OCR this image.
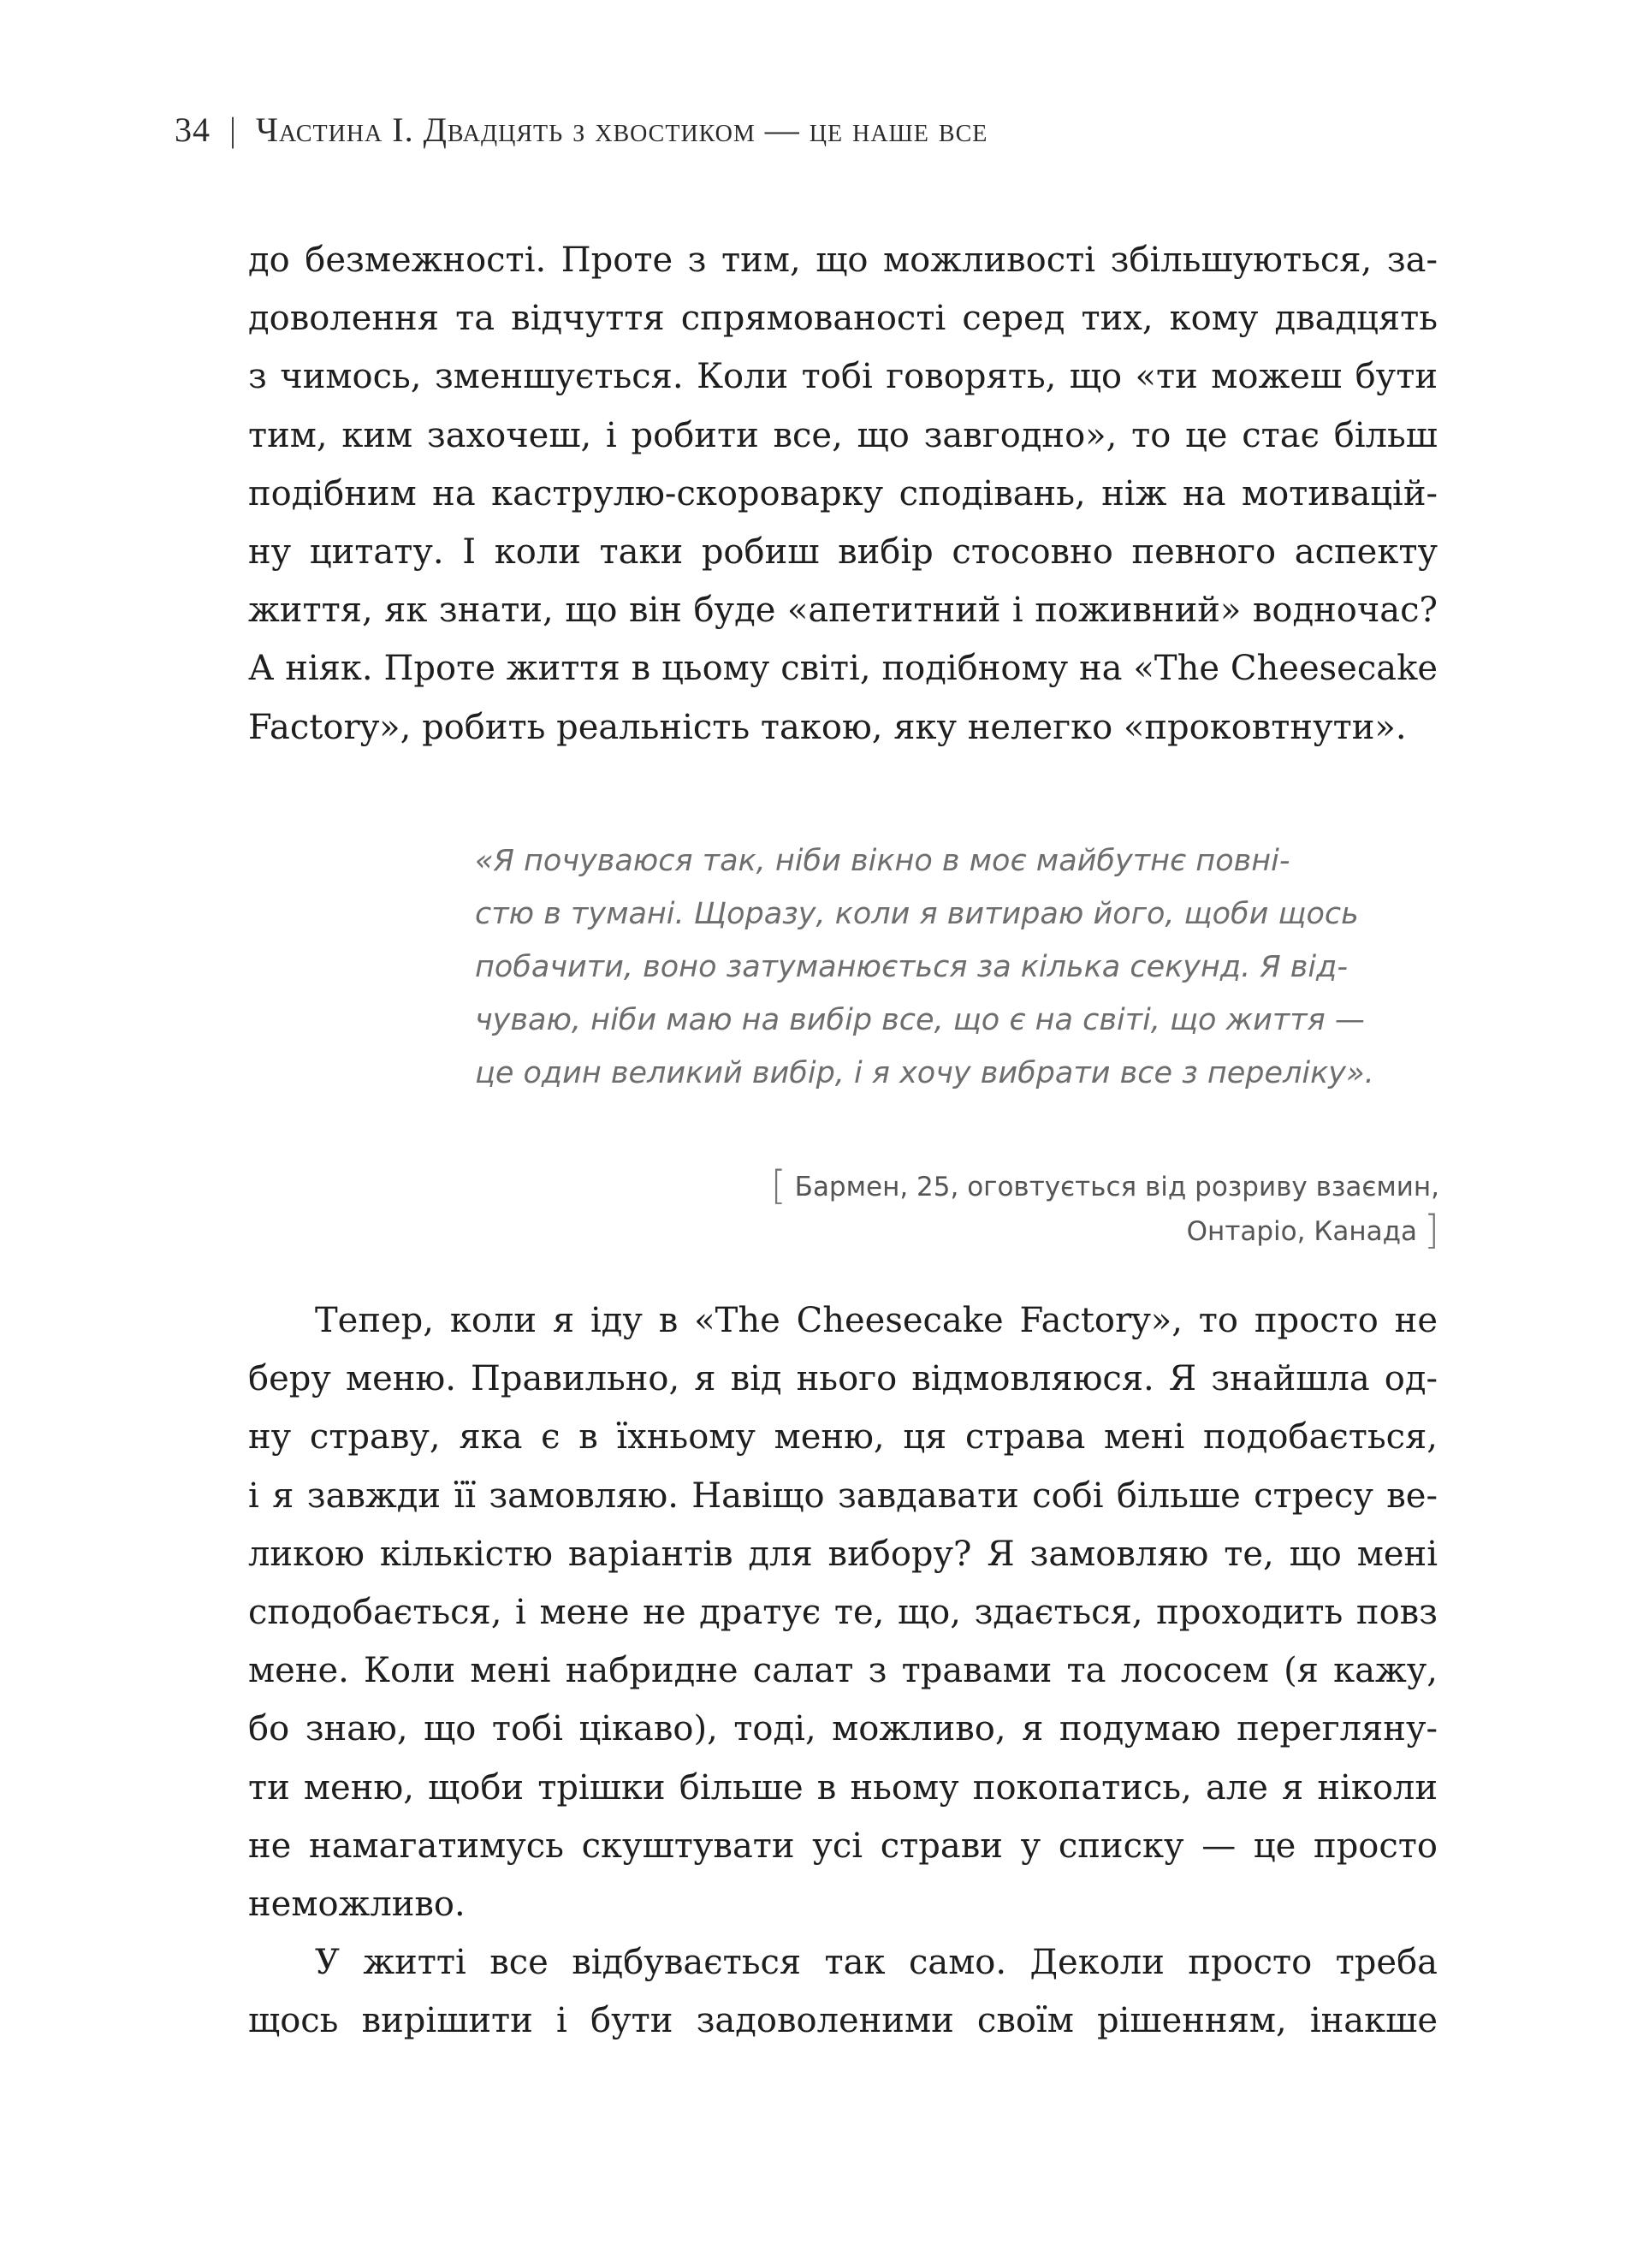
34 | Частина І. Двадцять з хвостиком — це наше все
до безмежності. Проте з тим, що можливості збільшуються, за-
доволення та відчуття спрямованості серед тих, кому двадцять
з чимось, зменшується. Коли тобі говорять, що «ти можеш бути
тим, ким захочеш, і робити все, що завгодно», то це стає більш
подібним на каструлю-скороварку сподівань, ніж на мотивацій-
ну цитату. І коли таки робиш вибір стосовно певного аспекту
життя, як знати, що він буде «апетитний і поживний» водночас?
А ніяк. Проте життя в цьому світі, подібному на «The Cheesecake
Factory», робить реальність такою, яку нелегко «проковтнути».
«Я почуваюся так, ніби вікно в моє майбутнє повні-
стю в тумані. Щоразу, коли я витираю його, щоби щось
побачити, воно затуманюється за кілька секунд. Я від-
чуваю, ніби маю на вибір все, що є на світі, що життя —
це один великий вибір, і я хочу вибрати все з переліку».
[ Бармен, 25, оговтується від розриву взаємин,
Онтаріо, Канада ]
Тепер, коли я іду в «The Cheesecake Factory», то просто не
беру меню. Правильно, я від нього відмовляюся. Я знайшла од-
ну страву, яка є в їхньому меню, ця страва мені подобається,
і я завжди її замовляю. Навіщо завдавати собі більше стресу ве-
ликою кількістю варіантів для вибору? Я замовляю те, що мені
сподобається, і мене не дратує те, що, здається, проходить повз
мене. Коли мені набридне салат з травами та лососем (я кажу,
бо знаю, що тобі цікаво), тоді, можливо, я подумаю перегляну-
ти меню, щоби трішки більше в ньому покопатись, але я ніколи
не намагатимусь скуштувати усі страви у списку — це просто
неможливо.
У житті все відбувається так само. Деколи просто треба
щось вирішити і бути задоволеними своїм рішенням, інакше
